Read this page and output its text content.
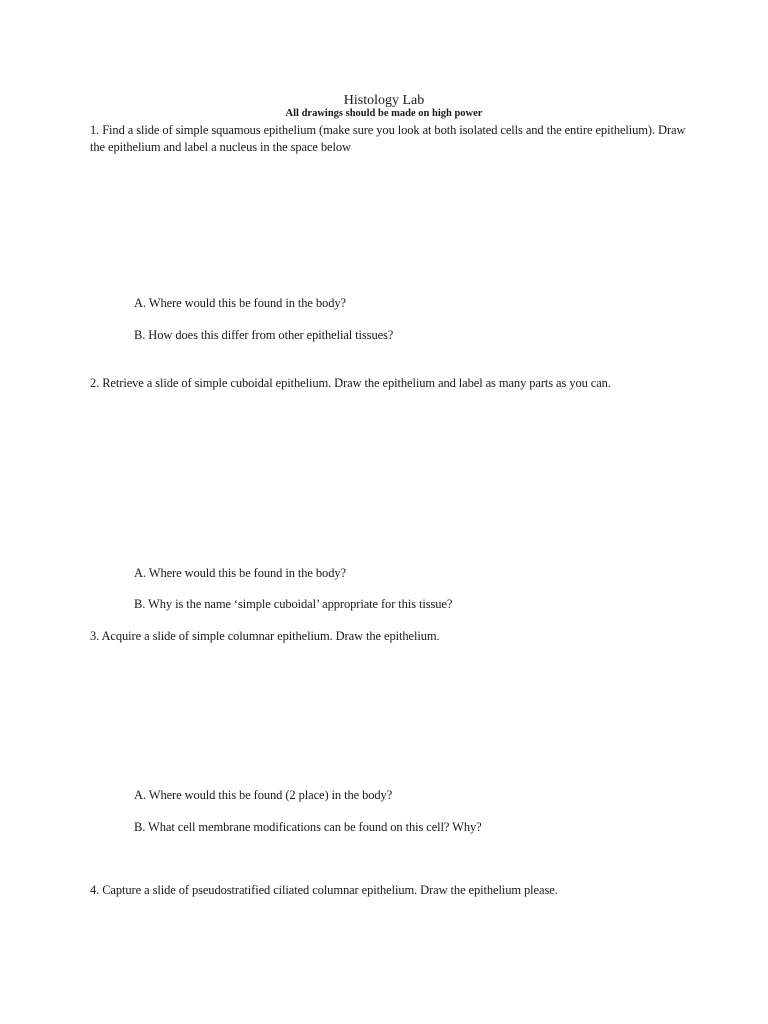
Histology Lab
All drawings should be made on high power
1. Find a slide of simple squamous epithelium (make sure you look at both isolated cells and the entire epithelium). Draw the epithelium and label a nucleus in the space below
A. Where would this be found in the body?
B. How does this differ from other epithelial tissues?
2. Retrieve a slide of simple cuboidal epithelium. Draw the epithelium and label as many parts as you can.
A. Where would this be found in the body?
B. Why is the name ‘simple cuboidal’ appropriate for this tissue?
3. Acquire a slide of simple columnar epithelium. Draw the epithelium.
A. Where would this be found (2 place) in the body?
B. What cell membrane modifications can be found on this cell? Why?
4. Capture a slide of pseudostratified ciliated columnar epithelium. Draw the epithelium please.
